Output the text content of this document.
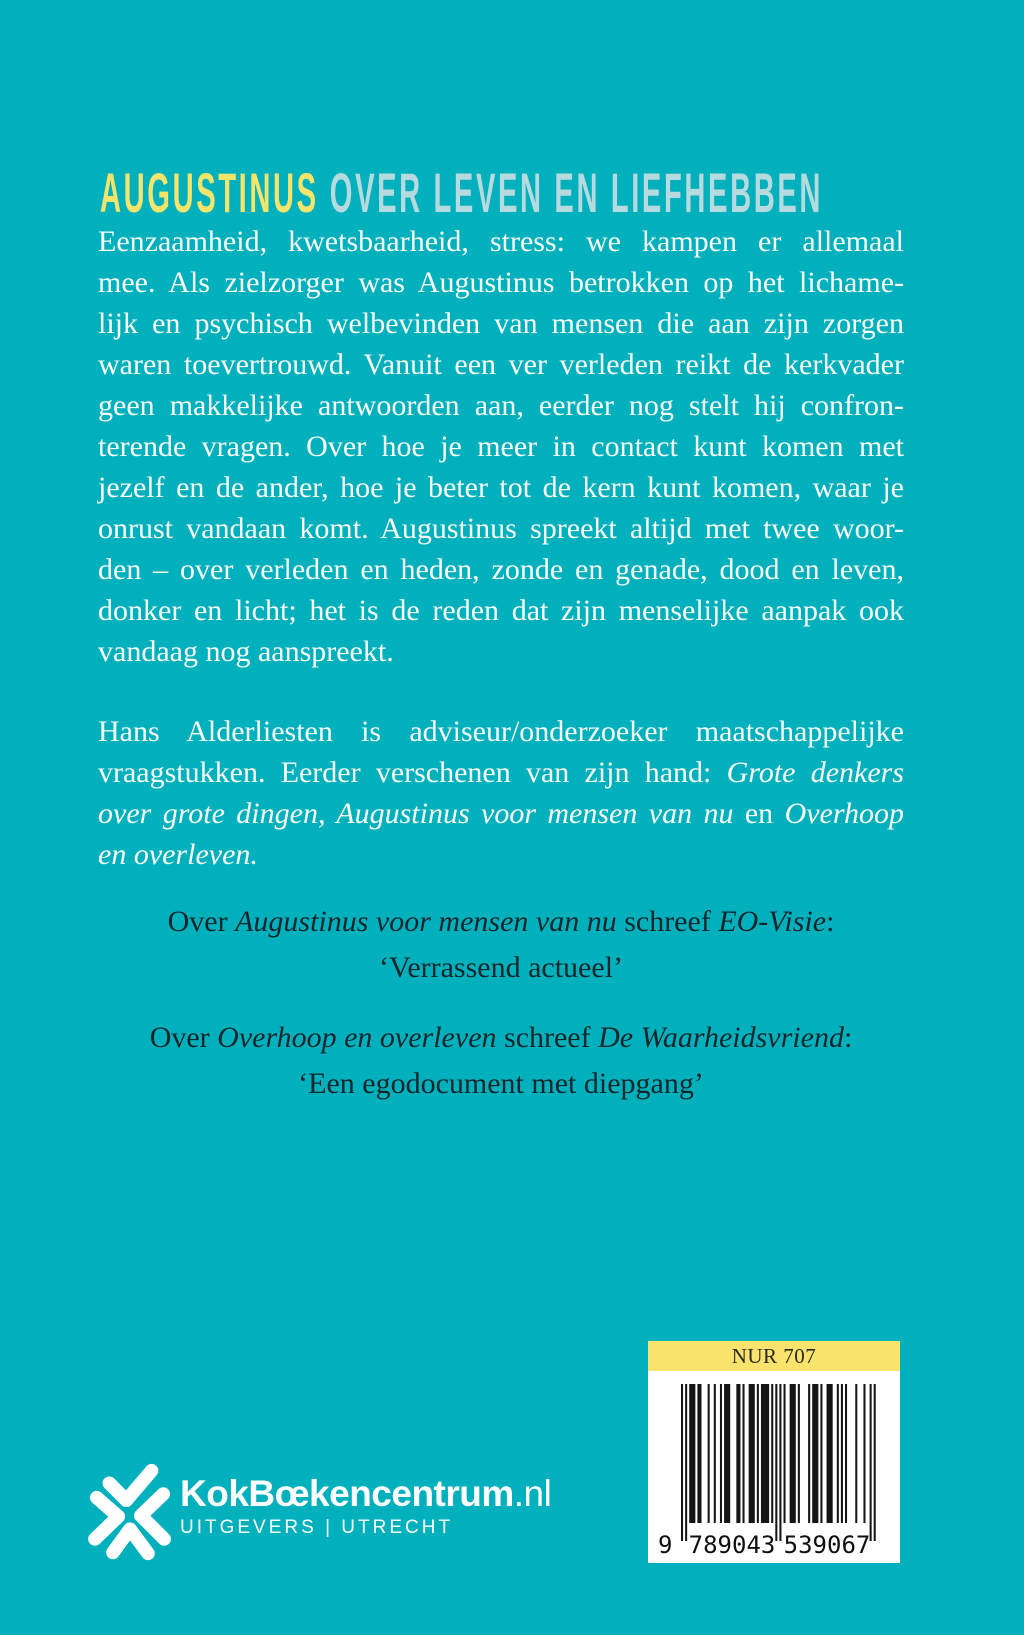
AUGUSTINUS OVER LEVEN EN LIEFHEBBEN
Eenzaamheid, kwetsbaarheid, stress: we kampen er allemaal
mee. Als zielzorger was Augustinus betrokken op het lichame-
lijk en psychisch welbevinden van mensen die aan zijn zorgen
waren toevertrouwd. Vanuit een ver verleden reikt de kerkvader
geen makkelijke antwoorden aan, eerder nog stelt hij confron-
terende vragen. Over hoe je meer in contact kunt komen met
jezelf en de ander, hoe je beter tot de kern kunt komen, waar je
onrust vandaan komt. Augustinus spreekt altijd met twee woor-
den – over verleden en heden, zonde en genade, dood en leven,
donker en licht; het is de reden dat zijn menselijke aanpak ook
vandaag nog aanspreekt.
Hans Alderliesten is adviseur/onderzoeker maatschappelijke
vraagstukken. Eerder verschenen van zijn hand: Grote denkers
over grote dingen, Augustinus voor mensen van nu en Overhoop
en overleven.
Over Augustinus voor mensen van nu schreef EO-Visie:
‘Verrassend actueel’
Over Overhoop en overleven schreef De Waarheidsvriend:
‘Een egodocument met diepgang’
NUR 707
9 789043 539067
KokBœkencentrum.nl
UITGEVERS | UTRECHT
